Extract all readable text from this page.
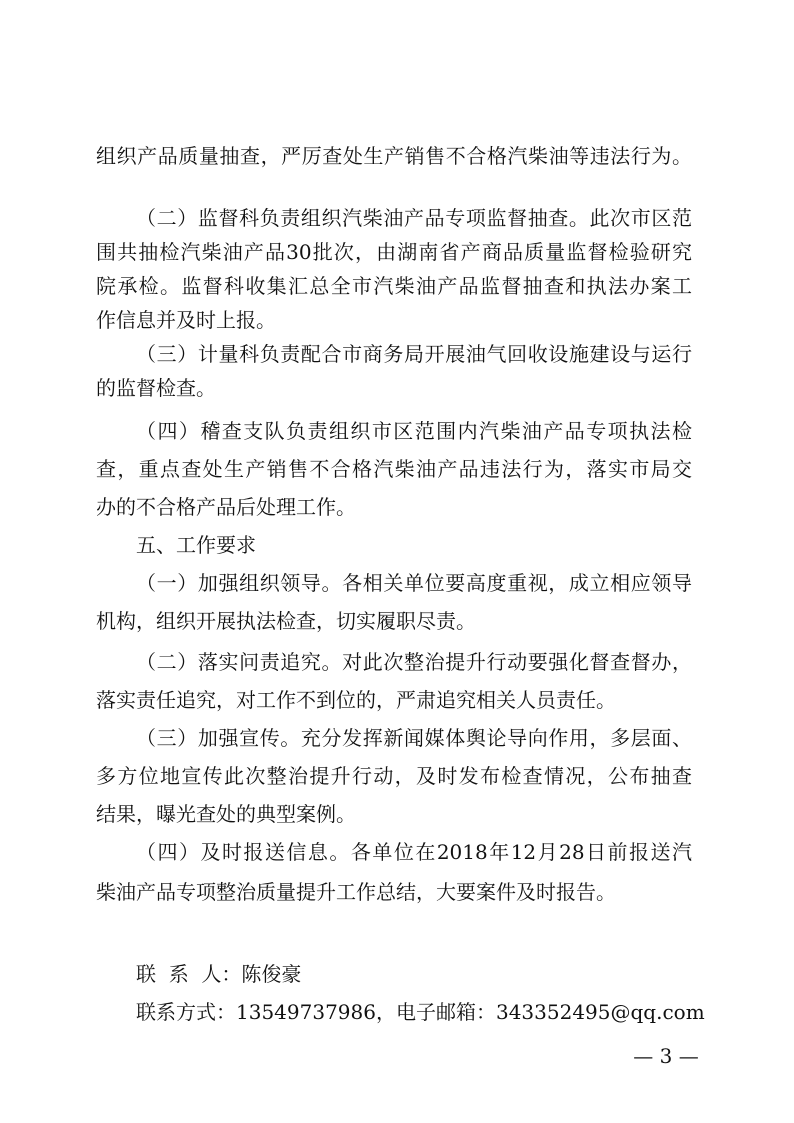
组织产品质量抽查，严厉查处生产销售不合格汽柴油等违法行为。
（二）监督科负责组织汽柴油产品专项监督抽查。此次市区范
围共抽检汽柴油产品30批次，由湖南省产商品质量监督检验研究
院承检。监督科收集汇总全市汽柴油产品监督抽查和执法办案工
作信息并及时上报。
（三）计量科负责配合市商务局开展油气回收设施建设与运行
的监督检查。
（四）稽查支队负责组织市区范围内汽柴油产品专项执法检
查，重点查处生产销售不合格汽柴油产品违法行为，落实市局交
办的不合格产品后处理工作。
五、工作要求
（一）加强组织领导。各相关单位要高度重视，成立相应领导
机构，组织开展执法检查，切实履职尽责。
（二）落实问责追究。对此次整治提升行动要强化督查督办，
落实责任追究，对工作不到位的，严肃追究相关人员责任。
（三）加强宣传。充分发挥新闻媒体舆论导向作用，多层面、
多方位地宣传此次整治提升行动，及时发布检查情况，公布抽查
结果，曝光查处的典型案例。
（四）及时报送信息。各单位在2018年12月28日前报送汽
柴油产品专项整治质量提升工作总结，大要案件及时报告。
联  系  人：陈俊豪
联系方式：13549737986，电子邮箱：343352495@qq.com
— 3 —
